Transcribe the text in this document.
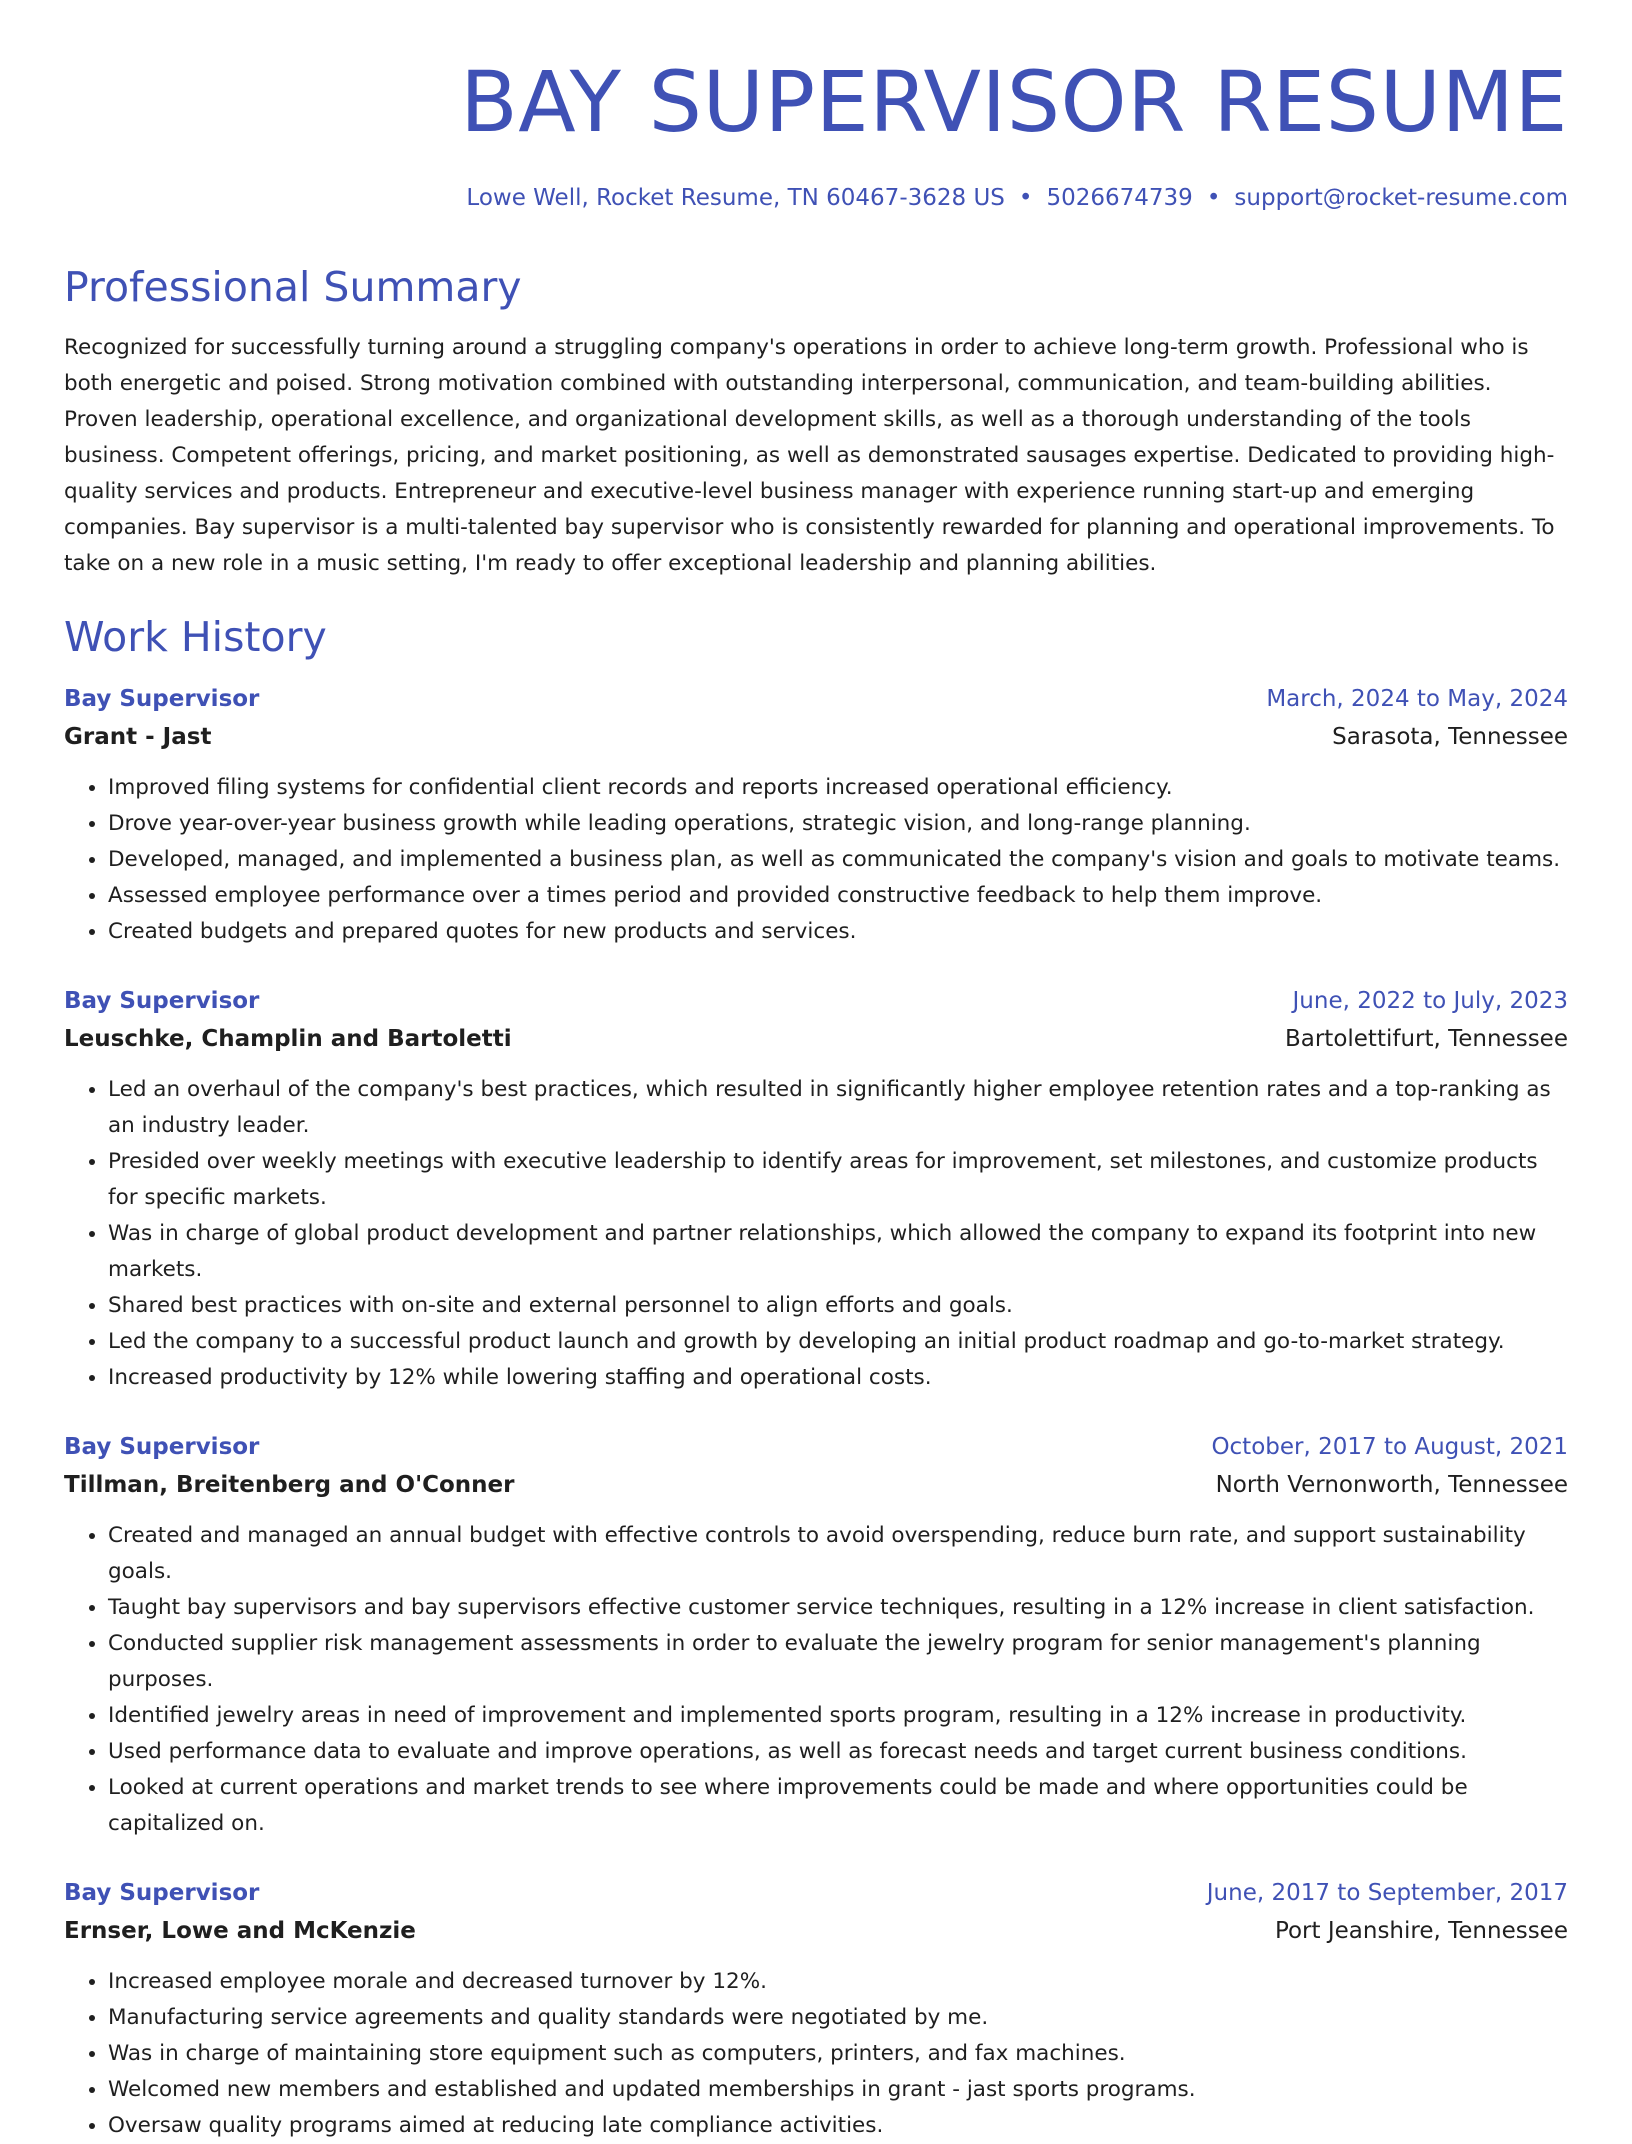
BAY SUPERVISOR RESUME
Lowe Well, Rocket Resume, TN 60467-3628 US • 5026674739 • support@rocket-resume.com
Professional Summary
Recognized for successfully turning around a struggling company's operations in order to achieve long-term growth. Professional who is both energetic and poised. Strong motivation combined with outstanding interpersonal, communication, and team-building abilities. Proven leadership, operational excellence, and organizational development skills, as well as a thorough understanding of the tools business. Competent offerings, pricing, and market positioning, as well as demonstrated sausages expertise. Dedicated to providing high-quality services and products. Entrepreneur and executive-level business manager with experience running start-up and emerging companies. Bay supervisor is a multi-talented bay supervisor who is consistently rewarded for planning and operational improvements. To take on a new role in a music setting, I'm ready to offer exceptional leadership and planning abilities.
Work History
Bay Supervisor	March, 2024 to May, 2024
Grant - Jast	Sarasota, Tennessee
• Improved filing systems for confidential client records and reports increased operational efficiency.
• Drove year-over-year business growth while leading operations, strategic vision, and long-range planning.
• Developed, managed, and implemented a business plan, as well as communicated the company's vision and goals to motivate teams.
• Assessed employee performance over a times period and provided constructive feedback to help them improve.
• Created budgets and prepared quotes for new products and services.
Bay Supervisor	June, 2022 to July, 2023
Leuschke, Champlin and Bartoletti	Bartolettifurt, Tennessee
• Led an overhaul of the company's best practices, which resulted in significantly higher employee retention rates and a top-ranking as an industry leader.
• Presided over weekly meetings with executive leadership to identify areas for improvement, set milestones, and customize products for specific markets.
• Was in charge of global product development and partner relationships, which allowed the company to expand its footprint into new markets.
• Shared best practices with on-site and external personnel to align efforts and goals.
• Led the company to a successful product launch and growth by developing an initial product roadmap and go-to-market strategy.
• Increased productivity by 12% while lowering staffing and operational costs.
Bay Supervisor	October, 2017 to August, 2021
Tillman, Breitenberg and O'Conner	North Vernonworth, Tennessee
• Created and managed an annual budget with effective controls to avoid overspending, reduce burn rate, and support sustainability goals.
• Taught bay supervisors and bay supervisors effective customer service techniques, resulting in a 12% increase in client satisfaction.
• Conducted supplier risk management assessments in order to evaluate the jewelry program for senior management's planning purposes.
• Identified jewelry areas in need of improvement and implemented sports program, resulting in a 12% increase in productivity.
• Used performance data to evaluate and improve operations, as well as forecast needs and target current business conditions.
• Looked at current operations and market trends to see where improvements could be made and where opportunities could be capitalized on.
Bay Supervisor	June, 2017 to September, 2017
Ernser, Lowe and McKenzie	Port Jeanshire, Tennessee
• Increased employee morale and decreased turnover by 12%.
• Manufacturing service agreements and quality standards were negotiated by me.
• Was in charge of maintaining store equipment such as computers, printers, and fax machines.
• Welcomed new members and established and updated memberships in grant - jast sports programs.
• Oversaw quality programs aimed at reducing late compliance activities.
